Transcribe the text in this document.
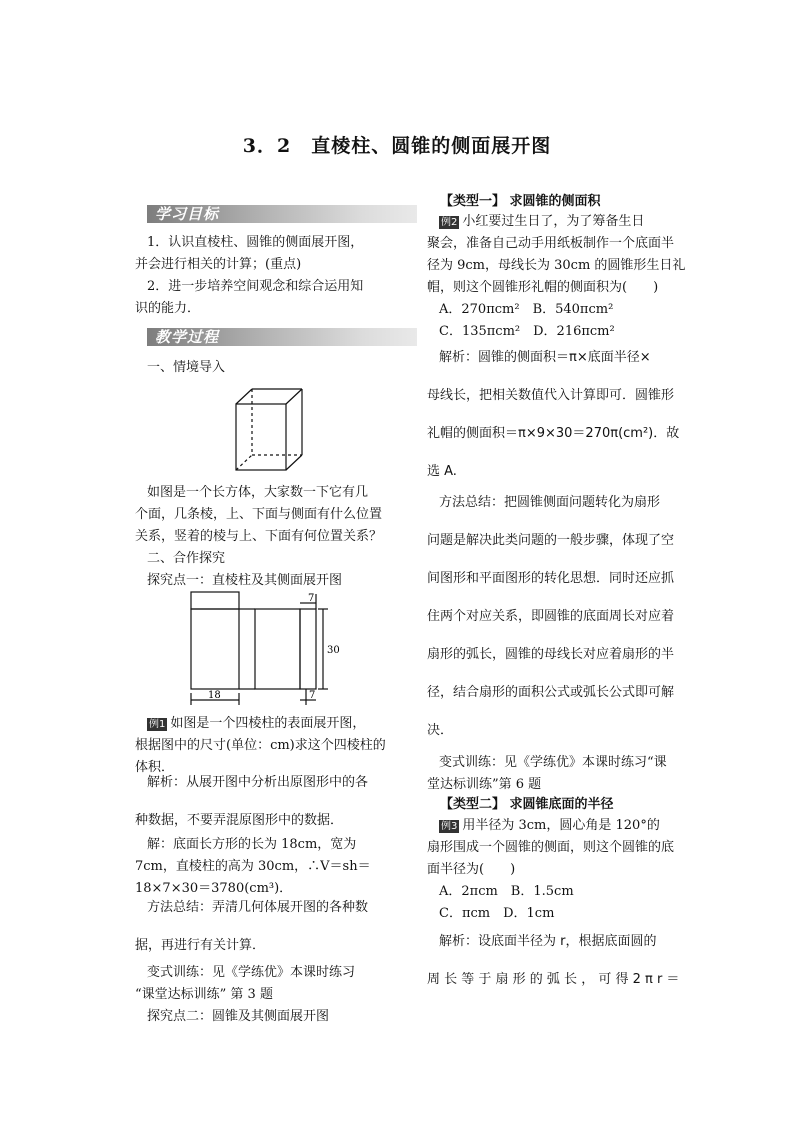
3．2　直棱柱、圆锥的侧面展开图
学习目标
1．认识直棱柱、圆锥的侧面展开图，
并会进行相关的计算；(重点)
2．进一步培养空间观念和综合运用知
识的能力．
教学过程
一、情境导入
如图是一个长方体，大家数一下它有几
个面，几条棱，上、下面与侧面有什么位置
关系，竖着的棱与上、下面有何位置关系？
二、合作探究
探究点一：直棱柱及其侧面展开图
7
30
18	7
例1 如图是一个四棱柱的表面展开图，
根据图中的尺寸(单位：cm)求这个四棱柱的
体积．
解析：从展开图中分析出原图形中的各
种数据，不要弄混原图形中的数据．
解：底面长方形的长为 18cm，宽为
7cm，直棱柱的高为 30cm，∴V＝sh＝
18×7×30＝3780(cm³)．
方法总结：弄清几何体展开图的各种数
据，再进行有关计算．
变式训练：见《学练优》本课时练习
“课堂达标训练” 第 3 题
探究点二：圆锥及其侧面展开图
【类型一】 求圆锥的侧面积
例2 小红要过生日了，为了筹备生日
聚会，准备自己动手用纸板制作一个底面半
径为 9cm，母线长为 30cm 的圆锥形生日礼
帽，则这个圆锥形礼帽的侧面积为(　　)
A．270πcm²　B．540πcm²
C．135πcm²　D．216πcm²
解析：圆锥的侧面积＝π×底面半径×
母线长，把相关数值代入计算即可．圆锥形
礼帽的侧面积＝π×9×30＝270π(cm²)．故
选 A.
方法总结：把圆锥侧面问题转化为扇形
问题是解决此类问题的一般步骤，体现了空
间图形和平面图形的转化思想．同时还应抓
住两个对应关系，即圆锥的底面周长对应着
扇形的弧长，圆锥的母线长对应着扇形的半
径，结合扇形的面积公式或弧长公式即可解
决．
变式训练：见《学练优》本课时练习“课
堂达标训练”第 6 题
【类型二】 求圆锥底面的半径
例3 用半径为 3cm，圆心角是 120°的
扇形围成一个圆锥的侧面，则这个圆锥的底
面半径为(　　)
A．2πcm　B．1.5cm
C．πcm　D．1cm
解析：设底面半径为 r，根据底面圆的
周 长 等 于 扇 形 的 弧 长 ， 可 得 2 π r ＝
